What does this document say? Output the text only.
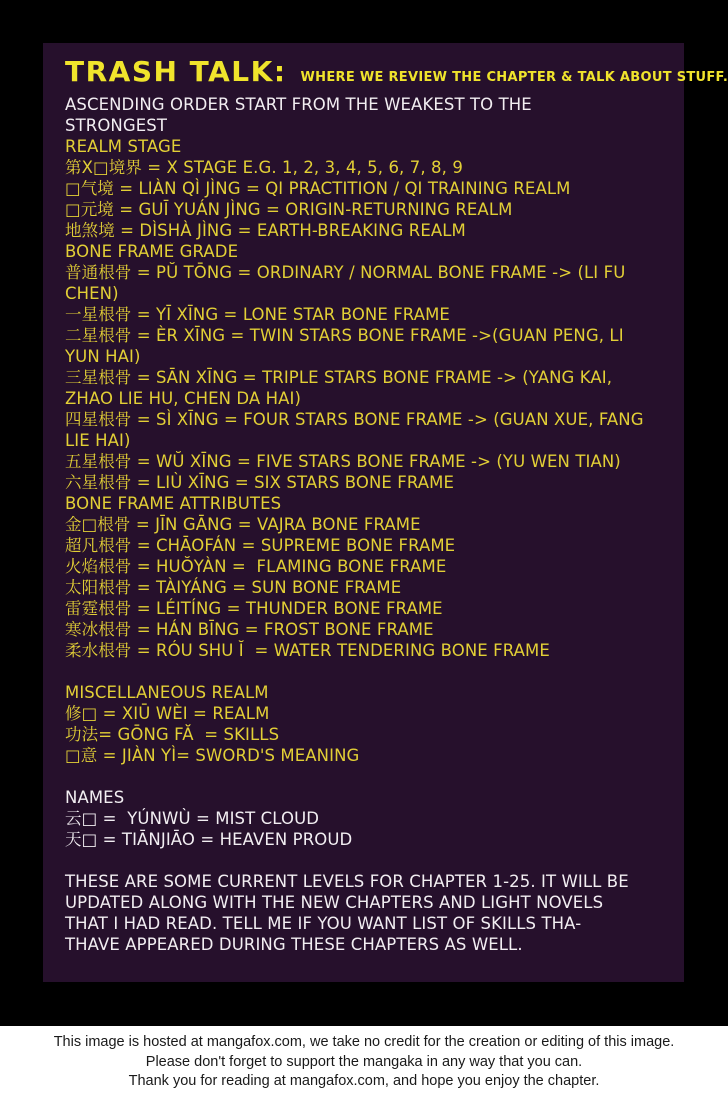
TRASH TALK: WHERE WE REVIEW THE CHAPTER & TALK ABOUT STUFF.
ASCENDING ORDER START FROM THE WEAKEST TO THE
STRONGEST
REALM STAGE
第X□境界 = X STAGE E.G. 1, 2, 3, 4, 5, 6, 7, 8, 9
□气境 = LIÀN QÌ JÌNG = QI PRACTITION / QI TRAINING REALM
□元境 = GUĪ YUÁN JÌNG = ORIGIN-RETURNING REALM
地煞境 = DÌSHÀ JÌNG = EARTH-BREAKING REALM
BONE FRAME GRADE
普通根骨 = PŬ TŌNG = ORDINARY / NORMAL BONE FRAME -> (LI FU
CHEN)
一星根骨 = YĪ XĪNG = LONE STAR BONE FRAME
二星根骨 = ÈR XĪNG = TWIN STARS BONE FRAME ->(GUAN PENG, LI
YUN HAI)
三星根骨 = SĀN XĪNG = TRIPLE STARS BONE FRAME -> (YANG KAI,
ZHAO LIE HU, CHEN DA HAI)
四星根骨 = SÌ XĪNG = FOUR STARS BONE FRAME -> (GUAN XUE, FANG
LIE HAI)
五星根骨 = WŬ XĪNG = FIVE STARS BONE FRAME -> (YU WEN TIAN)
六星根骨 = LIÙ XĪNG = SIX STARS BONE FRAME
BONE FRAME ATTRIBUTES
金□根骨 = JĪN GĀNG = VAJRA BONE FRAME
超凡根骨 = CHĀOFÁN = SUPREME BONE FRAME
火焰根骨 = HUŎYÀN =  FLAMING BONE FRAME
太阳根骨 = TÀIYÁNG = SUN BONE FRAME
雷霆根骨 = LÉITÍNG = THUNDER BONE FRAME
寒冰根骨 = HÁN BĪNG = FROST BONE FRAME
柔水根骨 = RÓU SHU Ĭ  = WATER TENDERING BONE FRAME

MISCELLANEOUS REALM
修□ = XIŪ WÈI = REALM
功法= GŌNG FĂ  = SKILLS
□意 = JIÀN YÌ= SWORD'S MEANING

NAMES
云□ =  YÚNWÙ = MIST CLOUD
天□ = TIĀNJIĀO = HEAVEN PROUD

THESE ARE SOME CURRENT LEVELS FOR CHAPTER 1-25. IT WILL BE
UPDATED ALONG WITH THE NEW CHAPTERS AND LIGHT NOVELS
THAT I HAD READ. TELL ME IF YOU WANT LIST OF SKILLS THA-
THAVE APPEARED DURING THESE CHAPTERS AS WELL.
This image is hosted at mangafox.com, we take no credit for the creation or editing of this image.
Please don't forget to support the mangaka in any way that you can.
Thank you for reading at mangafox.com, and hope you enjoy the chapter.
